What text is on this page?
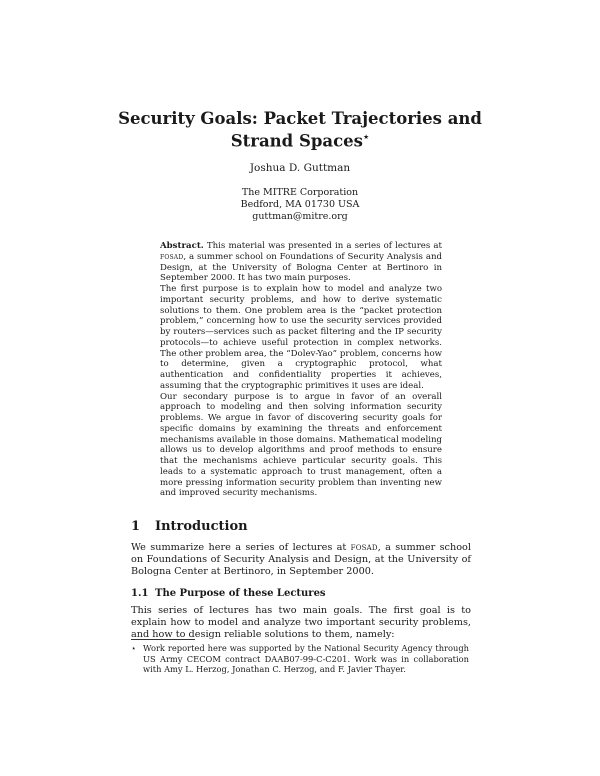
Security Goals: Packet Trajectories and Strand Spaces⋆
Joshua D. Guttman
The MITRE Corporation
Bedford, MA 01730 USA
guttman@mitre.org

Abstract. This material was presented in a series of lectures at fosad, a summer school on Foundations of Security Analysis and Design, at the University of Bologna Center at Bertinoro in September 2000. It has two main purposes.

The first purpose is to explain how to model and analyze two important security problems, and how to derive systematic solutions to them. One problem area is the “packet protection problem,” concerning how to use the security services provided by routers—services such as packet filtering and the IP security protocols—to achieve useful protection in complex networks. The other problem area, the “Dolev-Yao” problem, concerns how to determine, given a cryptographic protocol, what authentication and confidentiality properties it achieves, assuming that the cryptographic primitives it uses are ideal.

Our secondary purpose is to argue in favor of an overall approach to modeling and then solving information security problems. We argue in favor of discovering security goals for specific domains by examining the threats and enforcement mechanisms available in those domains. Mathematical modeling allows us to develop algorithms and proof methods to ensure that the mechanisms achieve particular security goals. This leads to a systematic approach to trust management, often a more pressing information security problem than inventing new and improved security mechanisms.

1 Introduction

We summarize here a series of lectures at fosad, a summer school on Foundations of Security Analysis and Design, at the University of Bologna Center at Bertinoro, in September 2000.

1.1 The Purpose of these Lectures

This series of lectures has two main goals. The first goal is to explain how to model and analyze two important security problems, and how to design reliable solutions to them, namely:

⋆ Work reported here was supported by the National Security Agency through US Army CECOM contract DAAB07-99-C-C201. Work was in collaboration with Amy L. Herzog, Jonathan C. Herzog, and F. Javier Thayer.
